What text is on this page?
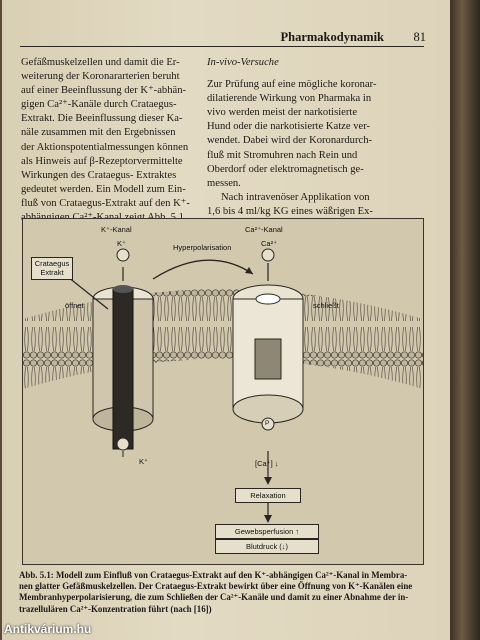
Pharmakodynamik 81
Gefäßmuskelzellen und damit die Er-
weiterung der Koronararterien beruht
auf einer Beeinflussung der K⁺-abhän-
gigen Ca²⁺-Kanäle durch Crataegus-
Extrakt. Die Beeinflussung dieser Ka-
näle zusammen mit den Ergebnissen
der Aktionspotentialmessungen können
als Hinweis auf β-Rezeptorvermittelte
Wirkungen des Crataegus- Extraktes
gedeutet werden. Ein Modell zum Ein-
fluß von Crataegus-Extrakt auf den K⁺-
In-vivo-Versuche
Zur Prüfung auf eine mögliche koronar-
dilatierende Wirkung von Pharmaka in
vivo werden meist der narkotisierte
Hund oder die narkotisierte Katze ver-
wendet. Dabei wird der Koronardurch-
fluß mit Stromuhren nach Rein und
Oberdorf oder elektromagnetisch ge-
messen.
Nach intravenöser Applikation von
1,6 bis 4 ml/kg KG eines wäßrigen Ex-
K⁺-Kanal	Ca²⁺-Kanal
Crataegus Extrakt
K⁺	Ca²⁺
Hyperpolarisation
öffnet	schließt
K⁺
P
[Ca⁺] ↓
Relaxation
Gewebsperfusion ↑
Blutdruck (↓)
Abb. 5.1: Modell zum Einfluß von Crataegus-Extrakt auf den K⁺-abhängigen Ca²⁺-Kanal in Membra-
nen glatter Gefäßmuskelzellen. Der Crataegus-Extrakt bewirkt über eine Öffnung von K⁺-Kanälen eine
Membranhyperpolarisierung, die zum Schließen der Ca²⁺-Kanäle und damit zu einer Abnahme der in-
trazellulären Ca²⁺-Konzentration führt (nach [16])
Antikvárium.hu
